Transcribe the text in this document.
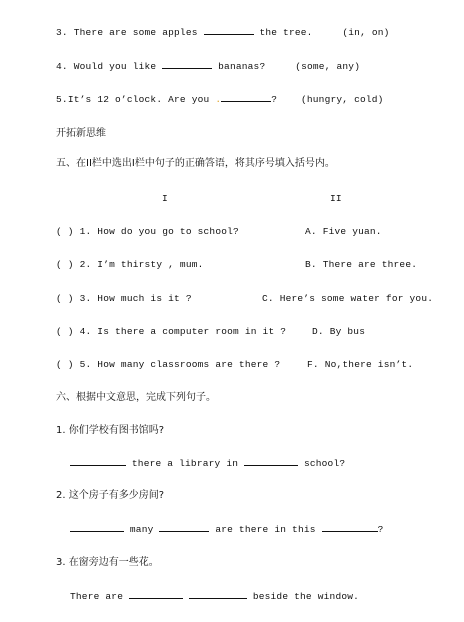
3. There are some apples	the tree.	(in, on)
4. Would you like	bananas?	(some, any)
5.It’s 12 o’clock. Are you .	?	(hungry, cold)
开拓新思维
五、在II栏中选出I栏中句子的正确答语，将其序号填入括号内。
I	II
( ) 1. How do you go to school?	A. Five yuan.
( ) 2. I’m thirsty , mum.	B. There are three.
( ) 3. How much is it ?	C. Here’s some water for you.
( ) 4. Is there a computer room in it ?	D. By bus
( ) 5. How many classrooms are there ?	F. No,there isn’t.
六、根据中文意思，完成下列句子。
1. 你们学校有图书馆吗?
there a library in	school?
2. 这个房子有多少房间?
many	are there in this	?
3. 在窗旁边有一些花。
There are	beside the window.
